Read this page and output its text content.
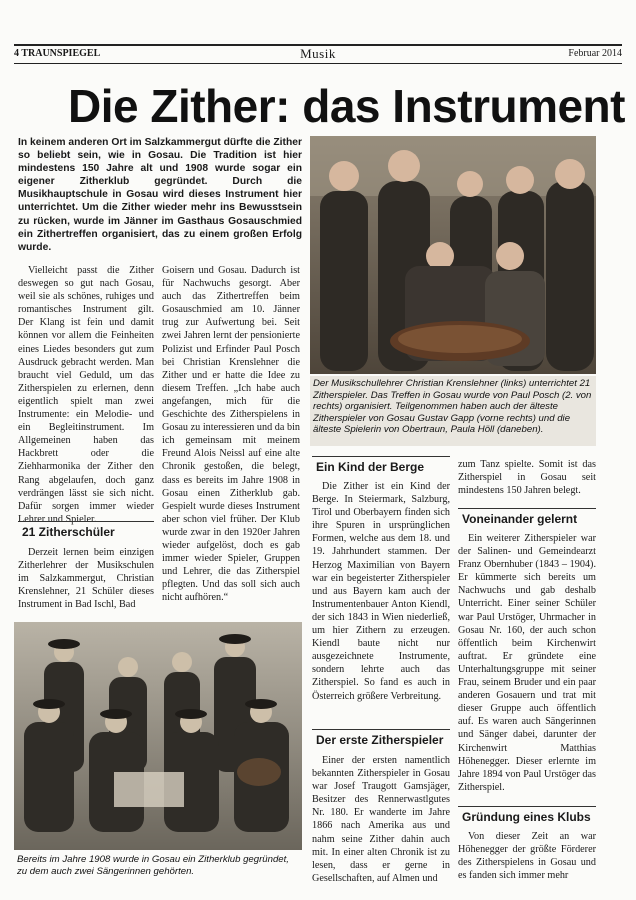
4 TRAUNSPIEGEL	Musik	Februar 2014
Die Zither: das Instrument
In keinem anderen Ort im Salzkammergut dürfte die Zither so beliebt sein, wie in Gosau. Die Tradition ist hier mindestens 150 Jahre alt und 1908 wurde sogar ein eigener Zitherklub gegründet. Durch die Musikhauptschule in Gosau wird dieses Instrument hier unterrichtet. Um die Zither wieder mehr ins Bewusstsein zu rücken, wurde im Jänner im Gasthaus Gosauschmied ein Zithertreffen organisiert, das zu einem großen Erfolg wurde.
Der Musikschullehrer Christian Krenslehner (links) unterrichtet 21 Zitherspieler. Das Treffen in Gosau wurde von Paul Posch (2. von rechts) organisiert. Teilgenommen haben auch der älteste Zitherspieler von Gosau Gustav Gapp (vorne rechts) und die älteste Spielerin von Obertraun, Paula Höll (daneben).

Vielleicht passt die Zither deswegen so gut nach Gosau, weil sie als schönes, ruhiges und romantisches Instrument gilt. Der Klang ist fein und damit können vor allem die Feinheiten eines Liedes besonders gut zum Ausdruck gebracht werden. Man braucht viel Geduld, um das Zitherspielen zu erlernen, denn eigentlich spielt man zwei Instrumente: ein Melodie- und ein Begleitinstrument. Im Allgemeinen haben das Hackbrett oder die Ziehharmonika der Zither den Rang abgelaufen, doch ganz verdrängen lässt sie sich nicht. Dafür sorgen immer wieder Lehrer und Spieler.

21 Zitherschüler

Derzeit lernen beim einzigen Zitherlehrer der Musikschulen im Salzkammergut, Christian Krenslehner, 21 Schüler dieses Instrument in Bad Ischl, Bad

Goisern und Gosau. Dadurch ist für Nachwuchs gesorgt. Aber auch das Zithertreffen beim Gosauschmied am 10. Jänner trug zur Aufwertung bei. Seit zwei Jahren lernt der pensionierte Polizist und Erfinder Paul Posch bei Christian Krenslehner die Zither und er hatte die Idee zu diesem Treffen. „Ich habe auch angefangen, mich für die Geschichte des Zitherspielens in Gosau zu interessieren und da bin ich gemeinsam mit meinem Freund Alois Neissl auf eine alte Chronik gestoßen, die belegt, dass es bereits im Jahre 1908 in Gosau einen Zitherklub gab. Gespielt wurde dieses Instrument aber schon viel früher. Der Klub wurde zwar in den 1920er Jahren wieder aufgelöst, doch es gab immer wieder Spieler, Gruppen und Lehrer, die das Zitherspiel pflegten. Und das soll sich auch nicht aufhören.“

Bereits im Jahre 1908 wurde in Gosau ein Zitherklub gegründet, zu dem auch zwei Sängerinnen gehörten.
Ein Kind der Berge

Die Zither ist ein Kind der Berge. In Steiermark, Salzburg, Tirol und Oberbayern finden sich ihre Spuren in ursprünglichen Formen, welche aus dem 18. und 19. Jahrhundert stammen. Der Herzog Maximilian von Bayern war ein begeisterter Zitherspieler und aus Bayern kam auch der Instrumentenbauer Anton Kiendl, der sich 1843 in Wien niederließ, um hier Zithern zu erzeugen. Kiendl baute nicht nur ausgezeichnete Instrumente, sondern lehrte auch das Zitherspiel. So fand es auch in Österreich größere Verbreitung.

Der erste Zitherspieler

Einer der ersten namentlich bekannten Zitherspieler in Gosau war Josef Traugott Gamsjäger, Besitzer des Rennerwastlgutes Nr. 180. Er wanderte im Jahre 1866 nach Amerika aus und nahm seine Zither dahin auch mit. In einer alten Chronik ist zu lesen, dass er gerne in Gesellschaften, auf Almen und

zum Tanz spielte. Somit ist das Zitherspiel in Gosau seit mindestens 150 Jahren belegt.

Voneinander gelernt

Ein weiterer Zitherspieler war der Salinen- und Gemeindearzt Franz Obernhuber (1843 – 1904). Er kümmerte sich bereits um Nachwuchs und gab deshalb Unterricht. Einer seiner Schüler war Paul Urstöger, Uhrmacher in Gosau Nr. 160, der auch schon öffentlich beim Kirchenwirt auftrat. Er gründete eine Unterhaltungsgruppe mit seiner Frau, seinem Bruder und ein paar anderen Gosauern und trat mit dieser Gruppe auch öffentlich auf. Es waren auch Sängerinnen und Sänger dabei, darunter der Kirchenwirt Matthias Höhenegger. Dieser erlernte im Jahre 1894 von Paul Urstöger das Zitherspiel.

Gründung eines Klubs

Von dieser Zeit an war Höhenegger der größte Förderer des Zitherspielens in Gosau und es fanden sich immer mehr
